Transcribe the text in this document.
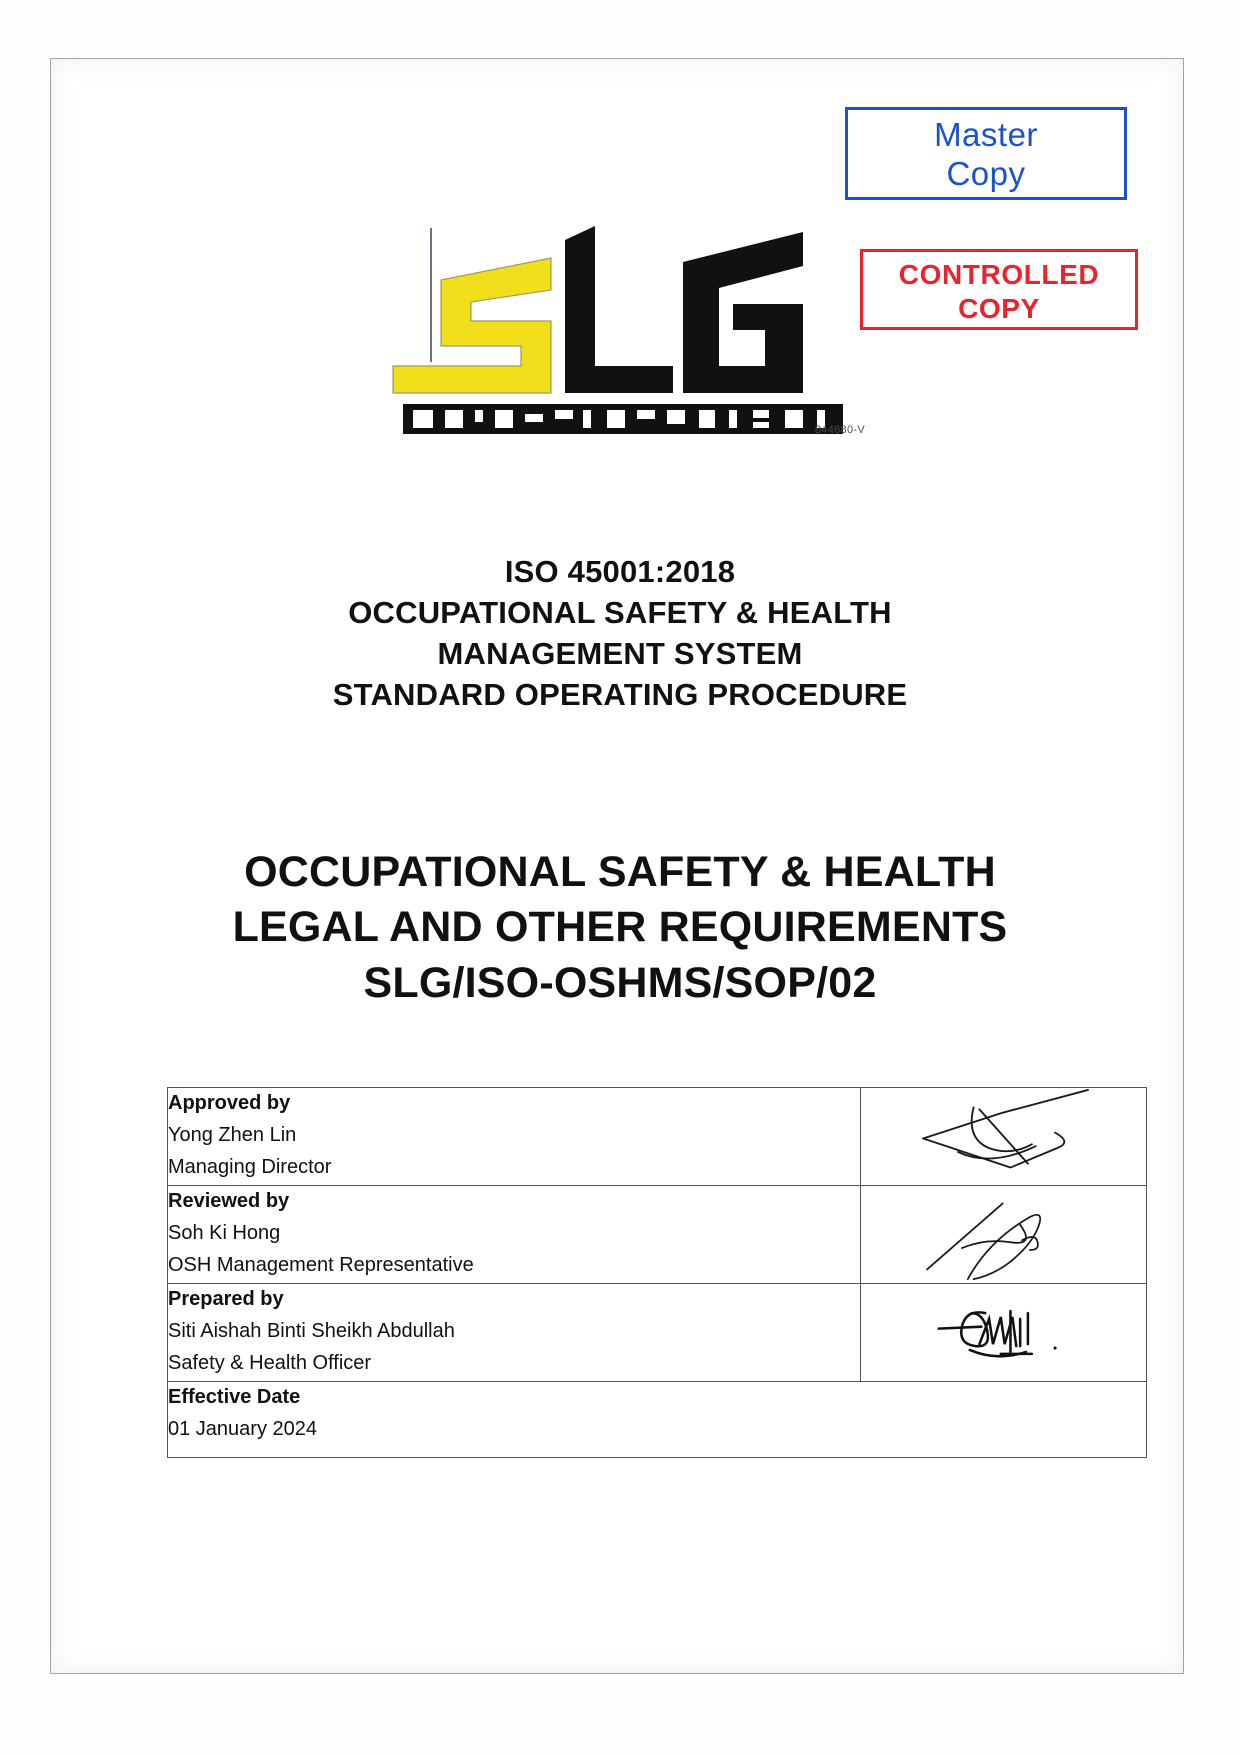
Master
Copy
CONTROLLED
COPY
844680-V
ISO 45001:2018
OCCUPATIONAL SAFETY & HEALTH
MANAGEMENT SYSTEM
STANDARD OPERATING PROCEDURE
OCCUPATIONAL SAFETY & HEALTH
LEGAL AND OTHER REQUIREMENTS
SLG/ISO-OSHMS/SOP/02
Approved by
Yong Zhen Lin
Managing Director

Reviewed by
Soh Ki Hong
OSH Management Representative

Prepared by
Siti Aishah Binti Sheikh Abdullah
Safety & Health Officer

Effective Date
01 January 2024	
